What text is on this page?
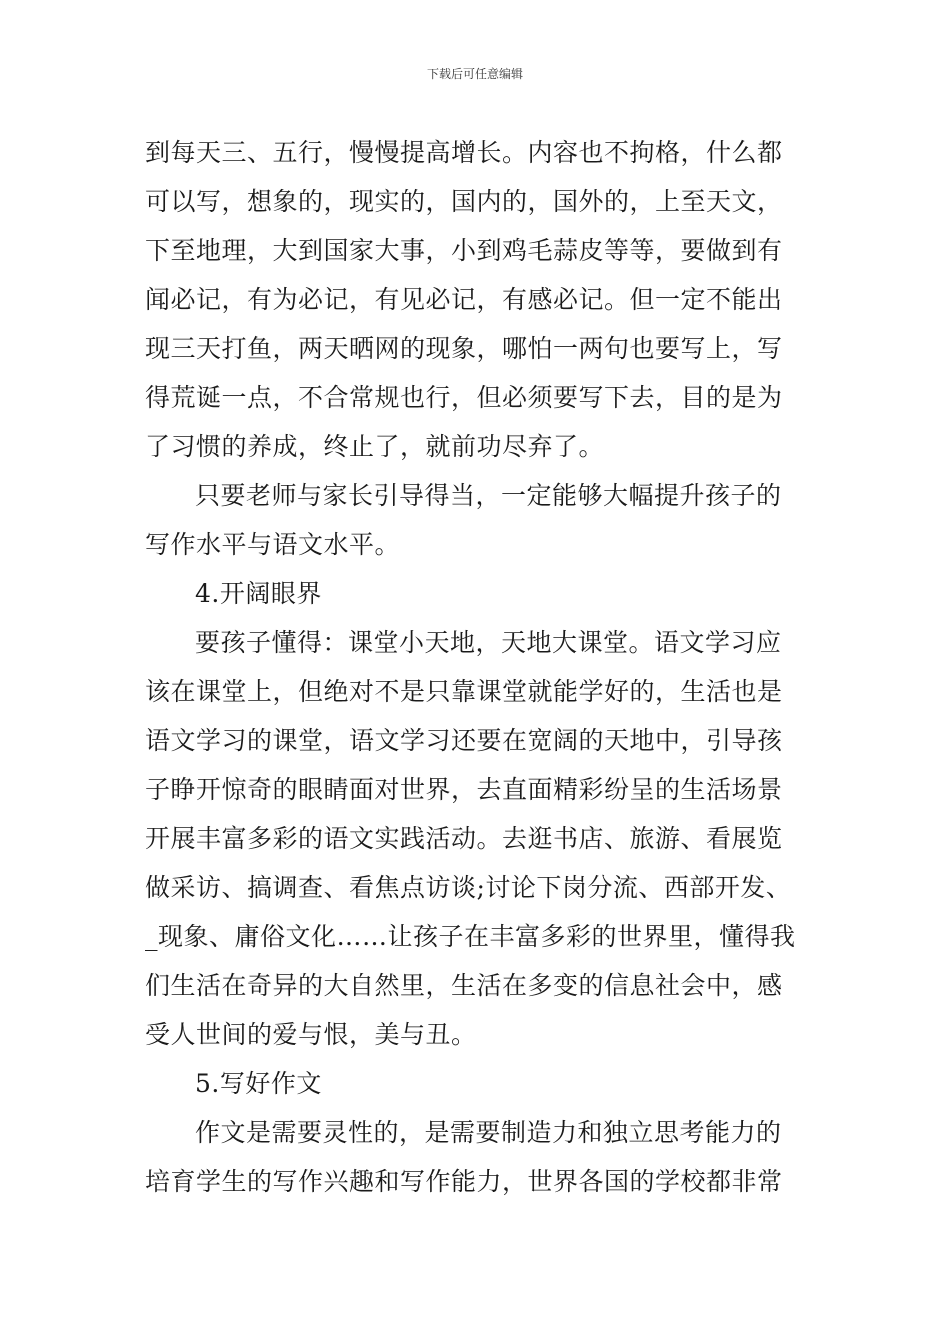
下载后可任意编辑
到每天三、五行，慢慢提高增长。内容也不拘格，什么都
可以写，想象的，现实的，国内的，国外的，上至天文，
下至地理，大到国家大事，小到鸡毛蒜皮等等，要做到有
闻必记，有为必记，有见必记，有感必记。但一定不能出
现三天打鱼，两天晒网的现象，哪怕一两句也要写上，写
得荒诞一点，不合常规也行，但必须要写下去，目的是为
了习惯的养成，终止了，就前功尽弃了。
只要老师与家长引导得当，一定能够大幅提升孩子的
写作水平与语文水平。
4.开阔眼界
要孩子懂得：课堂小天地，天地大课堂。语文学习应
该在课堂上，但绝对不是只靠课堂就能学好的，生活也是
语文学习的课堂，语文学习还要在宽阔的天地中，引导孩
子睁开惊奇的眼睛面对世界，去直面精彩纷呈的生活场景
开展丰富多彩的语文实践活动。去逛书店、旅游、看展览
做采访、搞调查、看焦点访谈;讨论下岗分流、西部开发、
_现象、庸俗文化……让孩子在丰富多彩的世界里，懂得我
们生活在奇异的大自然里，生活在多变的信息社会中，感
受人世间的爱与恨，美与丑。
5.写好作文
作文是需要灵性的，是需要制造力和独立思考能力的
培育学生的写作兴趣和写作能力，世界各国的学校都非常
